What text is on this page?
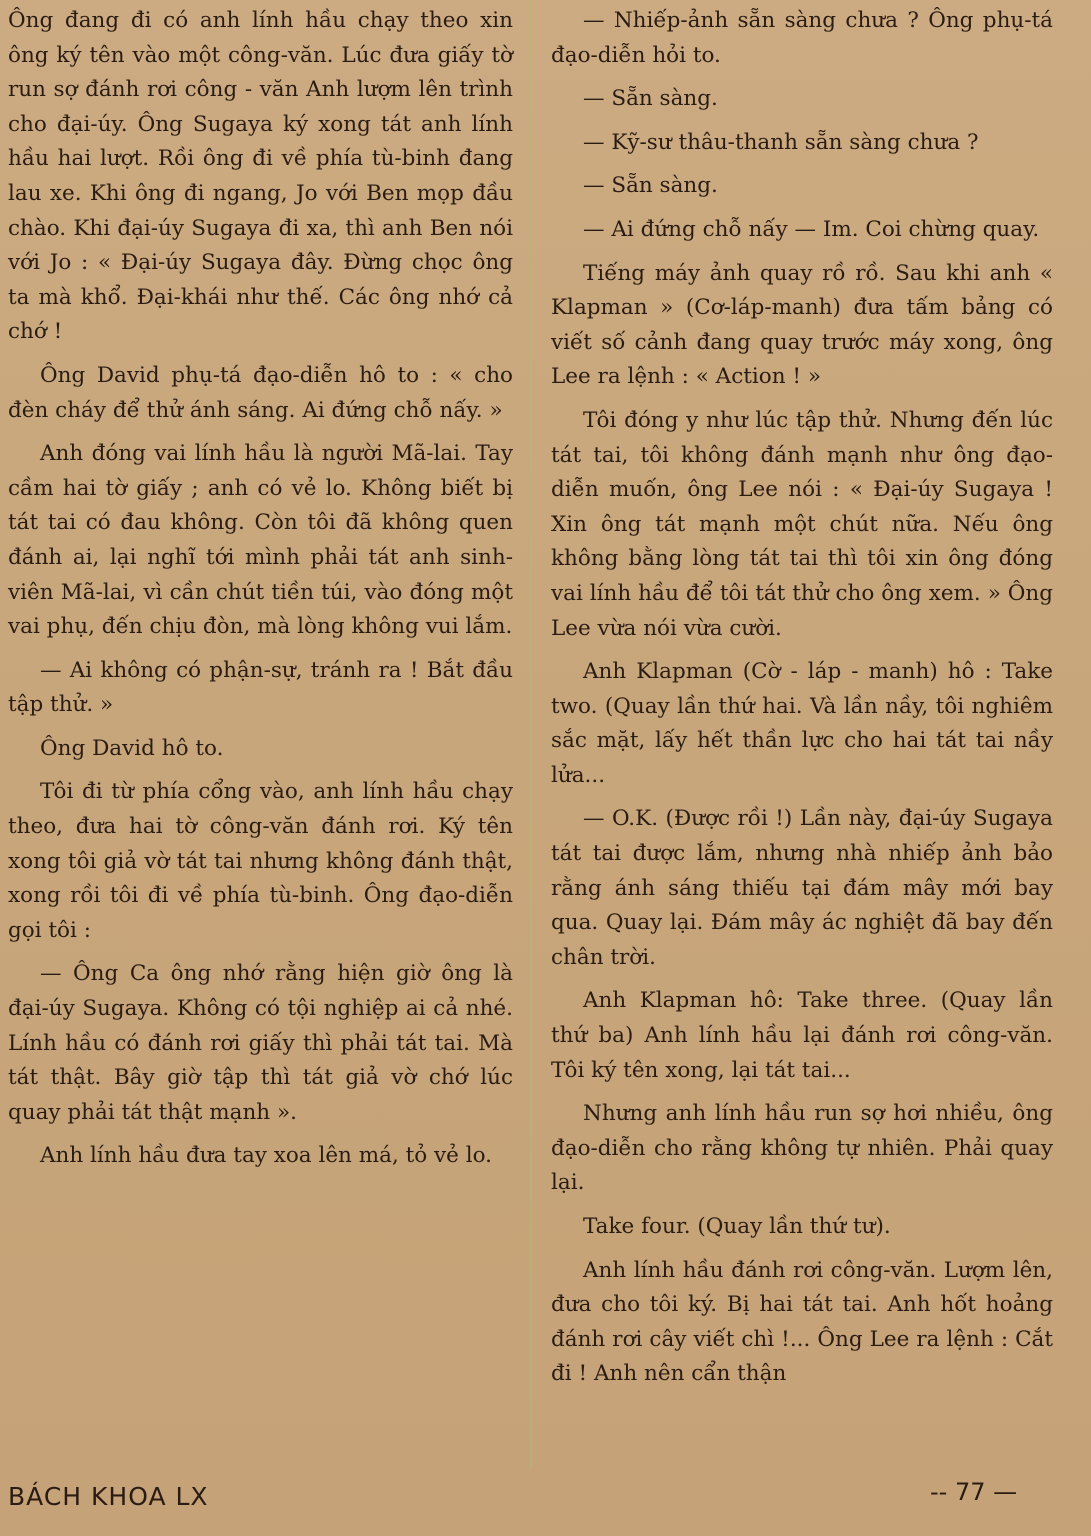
Ông đang đi có anh lính hầu chạy theo xin ông ký tên vào một công-văn. Lúc đưa giấy tờ run sợ đánh rơi công - văn Anh lượm lên trình cho đại-úy. Ông Sugaya ký xong tát anh lính hầu hai lượt. Rồi ông đi về phía tù-binh đang lau xe. Khi ông đi ngang, Jo với Ben mọp đầu chào. Khi đại-úy Sugaya đi xa, thì anh Ben nói với Jo : « Đại-úy Sugaya đây. Đừng chọc ông ta mà khổ. Đại-khái như thế. Các ông nhớ cả chớ !

Ông David phụ-tá đạo-diễn hô to : « cho đèn cháy để thử ánh sáng. Ai đứng chỗ nấy. »

Anh đóng vai lính hầu là người Mã-lai. Tay cầm hai tờ giấy ; anh có vẻ lo. Không biết bị tát tai có đau không. Còn tôi đã không quen đánh ai, lại nghĩ tới mình phải tát anh sinh-viên Mã-lai, vì cần chút tiền túi, vào đóng một vai phụ, đến chịu đòn, mà lòng không vui lắm.

— Ai không có phận-sự, tránh ra ! Bắt đầu tập thử. »

Ông David hô to.

Tôi đi từ phía cổng vào, anh lính hầu chạy theo, đưa hai tờ công-văn đánh rơi. Ký tên xong tôi giả vờ tát tai nhưng không đánh thật, xong rồi tôi đi về phía tù-binh. Ông đạo-diễn gọi tôi :

— Ông Ca ông nhớ rằng hiện giờ ông là đại-úy Sugaya. Không có tội nghiệp ai cả nhé. Lính hầu có đánh rơi giấy thì phải tát tai. Mà tát thật. Bây giờ tập thì tát giả vờ chớ lúc quay phải tát thật mạnh ».

Anh lính hầu đưa tay xoa lên má, tỏ vẻ lo.

— Nhiếp-ảnh sẵn sàng chưa ? Ông phụ-tá đạo-diễn hỏi to.

— Sẵn sàng.

— Kỹ-sư thâu-thanh sẵn sàng chưa ?

— Sẵn sàng.

— Ai đứng chỗ nấy — Im. Coi chừng quay.

Tiếng máy ảnh quay rồ rồ. Sau khi anh « Klapman » (Cơ-láp-manh) đưa tấm bảng có viết số cảnh đang quay trước máy xong, ông Lee ra lệnh : « Action ! »

Tôi đóng y như lúc tập thử. Nhưng đến lúc tát tai, tôi không đánh mạnh như ông đạo-diễn muốn, ông Lee nói : « Đại-úy Sugaya ! Xin ông tát mạnh một chút nữa. Nếu ông không bằng lòng tát tai thì tôi xin ông đóng vai lính hầu để tôi tát thử cho ông xem. » Ông Lee vừa nói vừa cười.

Anh Klapman (Cờ - láp - manh) hô : Take two. (Quay lần thứ hai. Và lần nầy, tôi nghiêm sắc mặt, lấy hết thần lực cho hai tát tai nầy lửa...

— O.K. (Được rồi !) Lần này, đại-úy Sugaya tát tai được lắm, nhưng nhà nhiếp ảnh bảo rằng ánh sáng thiếu tại đám mây mới bay qua. Quay lại. Đám mây ác nghiệt đã bay đến chân trời.

Anh Klapman hô: Take three. (Quay lần thứ ba) Anh lính hầu lại đánh rơi công-văn. Tôi ký tên xong, lại tát tai...

Nhưng anh lính hầu run sợ hơi nhiều, ông đạo-diễn cho rằng không tự nhiên. Phải quay lại.

Take four. (Quay lần thứ tư).

Anh lính hầu đánh rơi công-văn. Lượm lên, đưa cho tôi ký. Bị hai tát tai. Anh hốt hoảng đánh rơi cây viết chì !... Ông Lee ra lệnh : Cắt đi ! Anh nên cẩn thận

BÁCH KHOA LX	-- 77 —
